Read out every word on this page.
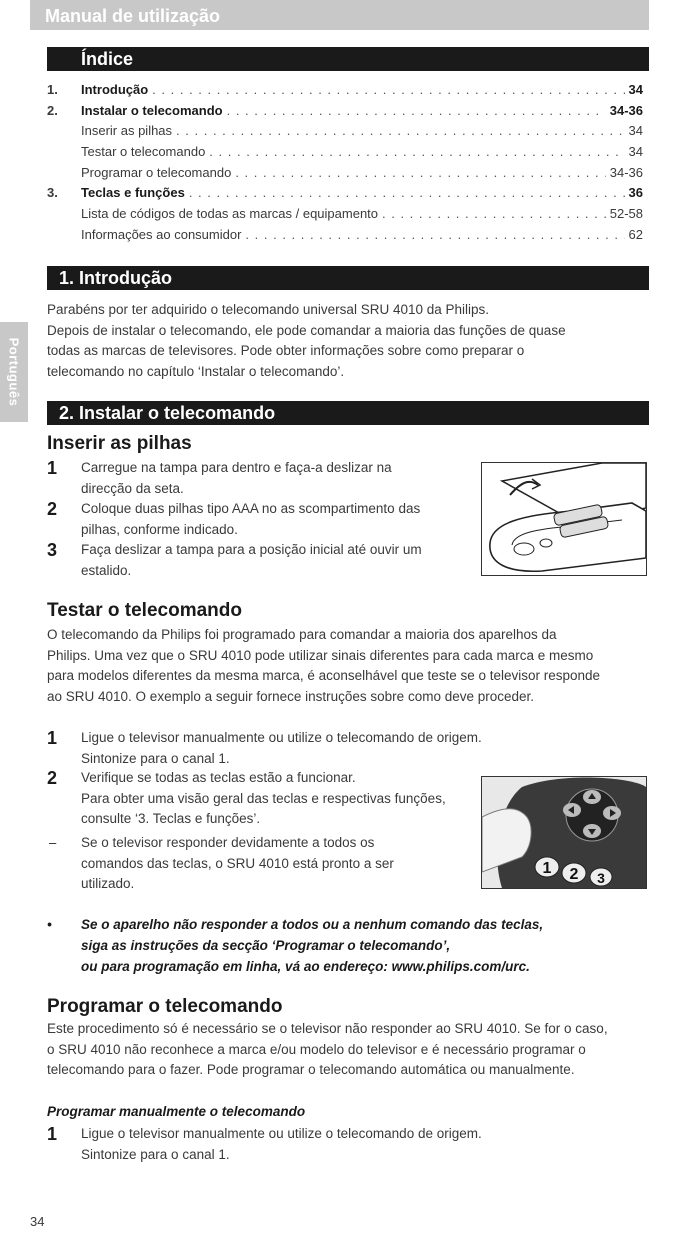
Manual de utilização
Português
Índice
1.	Introdução . . .	34
2.	Instalar o telecomando . . .	34-36
Inserir as pilhas . . .	34
Testar o telecomando . . .	34
Programar o telecomando . . .	34-36
3.	Teclas e funções . . .	36
Lista de códigos de todas as marcas / equipamento . . .	52-58
Informações ao consumidor . . .	62
1. Introdução
Parabéns por ter adquirido o telecomando universal SRU 4010 da Philips.
Depois de instalar o telecomando, ele pode comandar a maioria das funções de quase
todas as marcas de televisores. Pode obter informações sobre como preparar o
telecomando no capítulo ‘Instalar o telecomando’.
2. Instalar o telecomando
Inserir as pilhas
1 Carregue na tampa para dentro e faça-a deslizar na
direcção da seta.
2 Coloque duas pilhas tipo AAA no as scompartimento das
pilhas, conforme indicado.
3 Faça deslizar a tampa para a posição inicial até ouvir um
estalido.
Testar o telecomando
O telecomando da Philips foi programado para comandar a maioria dos aparelhos da
Philips. Uma vez que o SRU 4010 pode utilizar sinais diferentes para cada marca e mesmo
para modelos diferentes da mesma marca, é aconselhável que teste se o televisor responde
ao SRU 4010. O exemplo a seguir fornece instruções sobre como deve proceder.
1 Ligue o televisor manualmente ou utilize o telecomando de origem.
Sintonize para o canal 1.
2 Verifique se todas as teclas estão a funcionar.
Para obter uma visão geral das teclas e respectivas funções,
consulte ‘3. Teclas e funções’.
– Se o televisor responder devidamente a todos os
comandos das teclas, o SRU 4010 está pronto a ser
utilizado.
1 2 3
• Se o aparelho não responder a todos ou a nenhum comando das teclas,
siga as instruções da secção ‘Programar o telecomando’,
ou para programação em linha, vá ao endereço: www.philips.com/urc.
Programar o telecomando
Este procedimento só é necessário se o televisor não responder ao SRU 4010. Se for o caso,
o SRU 4010 não reconhece a marca e/ou modelo do televisor e é necessário programar o
telecomando para o fazer. Pode programar o telecomando automática ou manualmente.
Programar manualmente o telecomando
1 Ligue o televisor manualmente ou utilize o telecomando de origem.
Sintonize para o canal 1.
34
